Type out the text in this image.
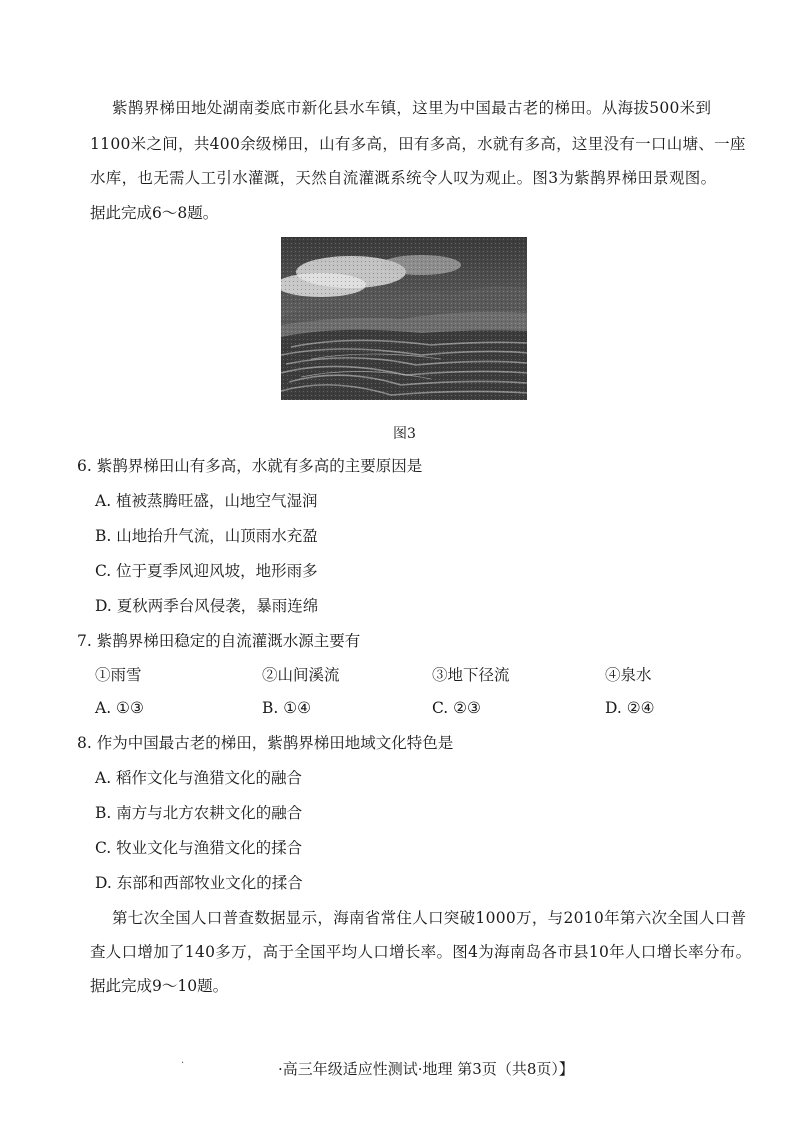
紫鹊界梯田地处湖南娄底市新化县水车镇，这里为中国最古老的梯田。从海拔500米到
1100米之间，共400余级梯田，山有多高，田有多高，水就有多高，这里没有一口山塘、一座
水库，也无需人工引水灌溉，天然自流灌溉系统令人叹为观止。图3为紫鹊界梯田景观图。
据此完成6～8题。
图3
6. 紫鹊界梯田山有多高，水就有多高的主要原因是
A. 植被蒸腾旺盛，山地空气湿润
B. 山地抬升气流，山顶雨水充盈
C. 位于夏季风迎风坡，地形雨多
D. 夏秋两季台风侵袭，暴雨连绵
7. 紫鹊界梯田稳定的自流灌溉水源主要有
①雨雪	②山间溪流	③地下径流	④泉水
A. ①③	B. ①④	C. ②③	D. ②④
8. 作为中国最古老的梯田，紫鹊界梯田地域文化特色是
A. 稻作文化与渔猎文化的融合
B. 南方与北方农耕文化的融合
C. 牧业文化与渔猎文化的揉合
D. 东部和西部牧业文化的揉合
第七次全国人口普查数据显示，海南省常住人口突破1000万，与2010年第六次全国人口普
查人口增加了140多万，高于全国平均人口增长率。图4为海南岛各市县10年人口增长率分布。
据此完成9～10题。
.	·高三年级适应性测试·地理 第3页（共8页）】
